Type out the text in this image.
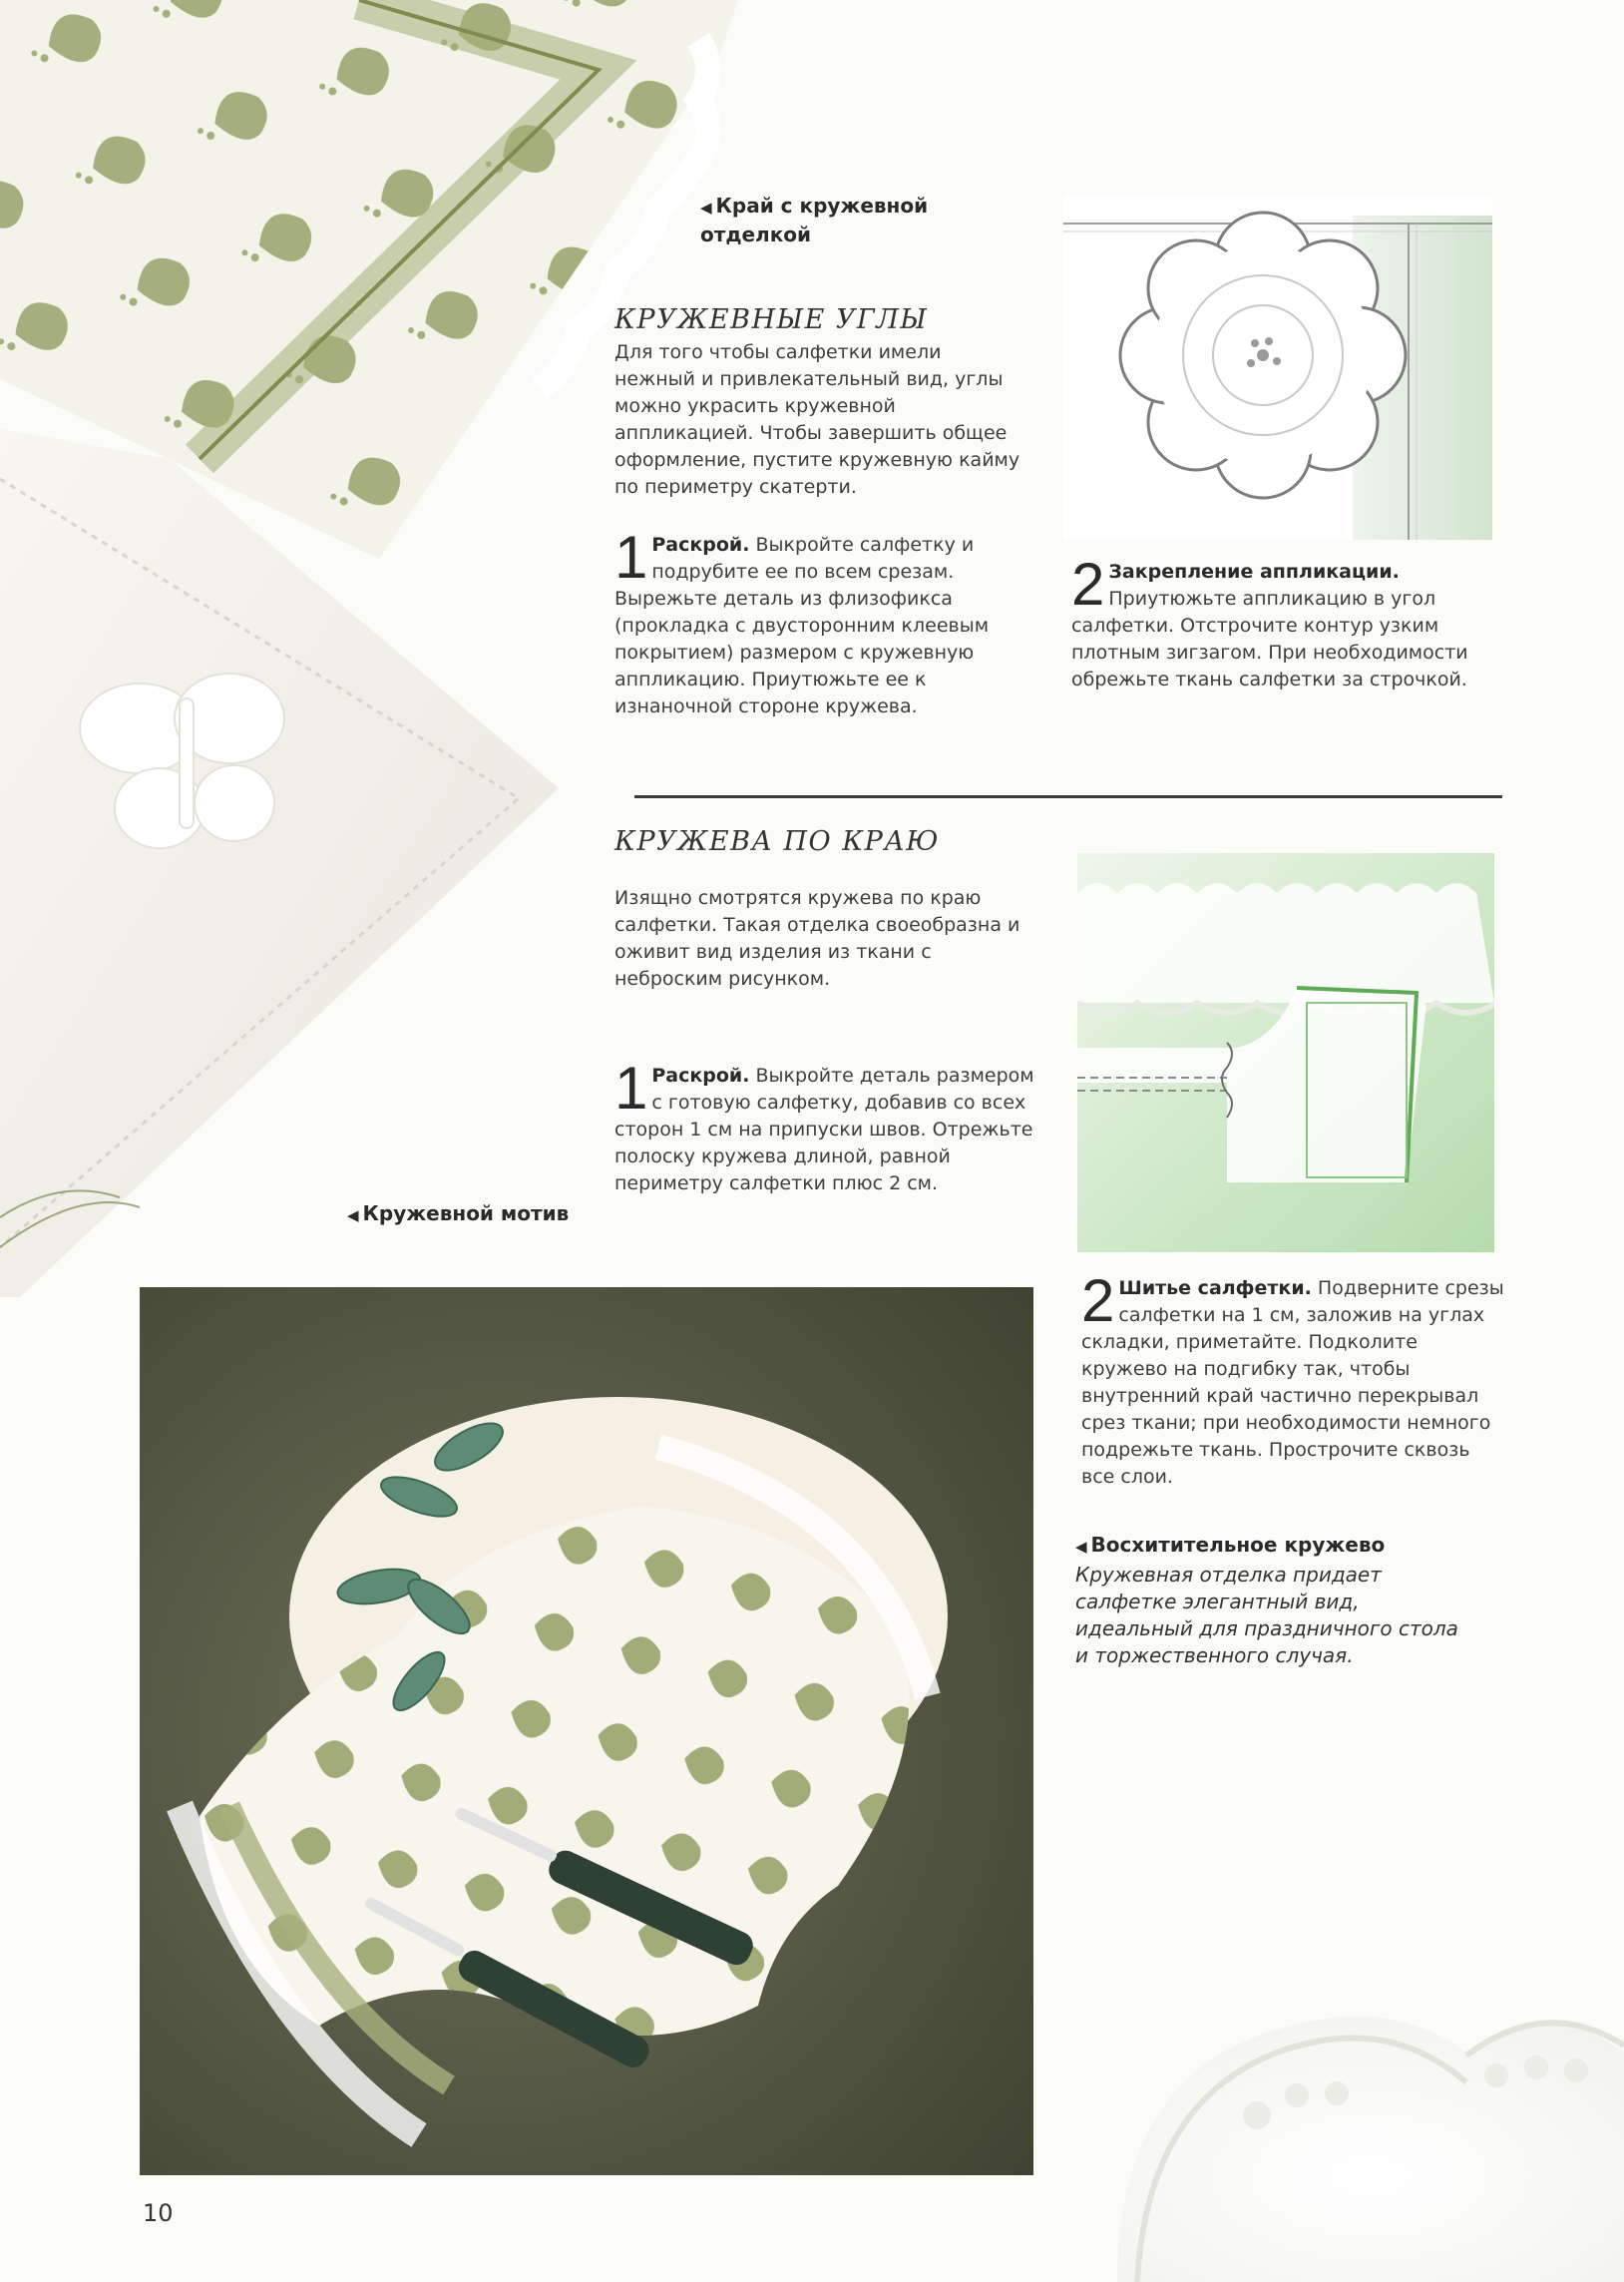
◀ Край с кружевной отделкой
КРУЖЕВНЫЕ УГЛЫ
Для того чтобы салфетки имели нежный и привлекательный вид, углы можно украсить кружевной аппликацией. Чтобы завершить общее оформление, пустите кружевную кайму по периметру скатерти.
1 Раскрой. Выкройте салфетку и подрубите ее по всем срезам. Вырежьте деталь из флизофикса (прокладка с двусторонним клеевым покрытием) размером с кружевную аппликацию. Приутюжьте ее к изнаночной стороне кружева.
2 Закрепление аппликации. Приутюжьте аппликацию в угол салфетки. Отстрочите контур узким плотным зигзагом. При необходимости обрежьте ткань салфетки за строчкой.
КРУЖЕВА ПО КРАЮ
Изящно смотрятся кружева по краю салфетки. Такая отделка своеобразна и оживит вид изделия из ткани с неброским рисунком.
1 Раскрой. Выкройте деталь размером с готовую салфетку, добавив со всех сторон 1 см на припуски швов. Отрежьте полоску кружева длиной, равной периметру салфетки плюс 2 см.
◀ Кружевной мотив
2 Шитье салфетки. Подверните срезы салфетки на 1 см, заложив на углах складки, приметайте. Подколите кружево на подгибку так, чтобы внутренний край частично перекрывал срез ткани; при необходимости немного подрежьте ткань. Прострочите сквозь все слои.
◀ Восхитительное кружево
Кружевная отделка придает салфетке элегантный вид, идеальный для праздничного стола и торжественного случая.
10
